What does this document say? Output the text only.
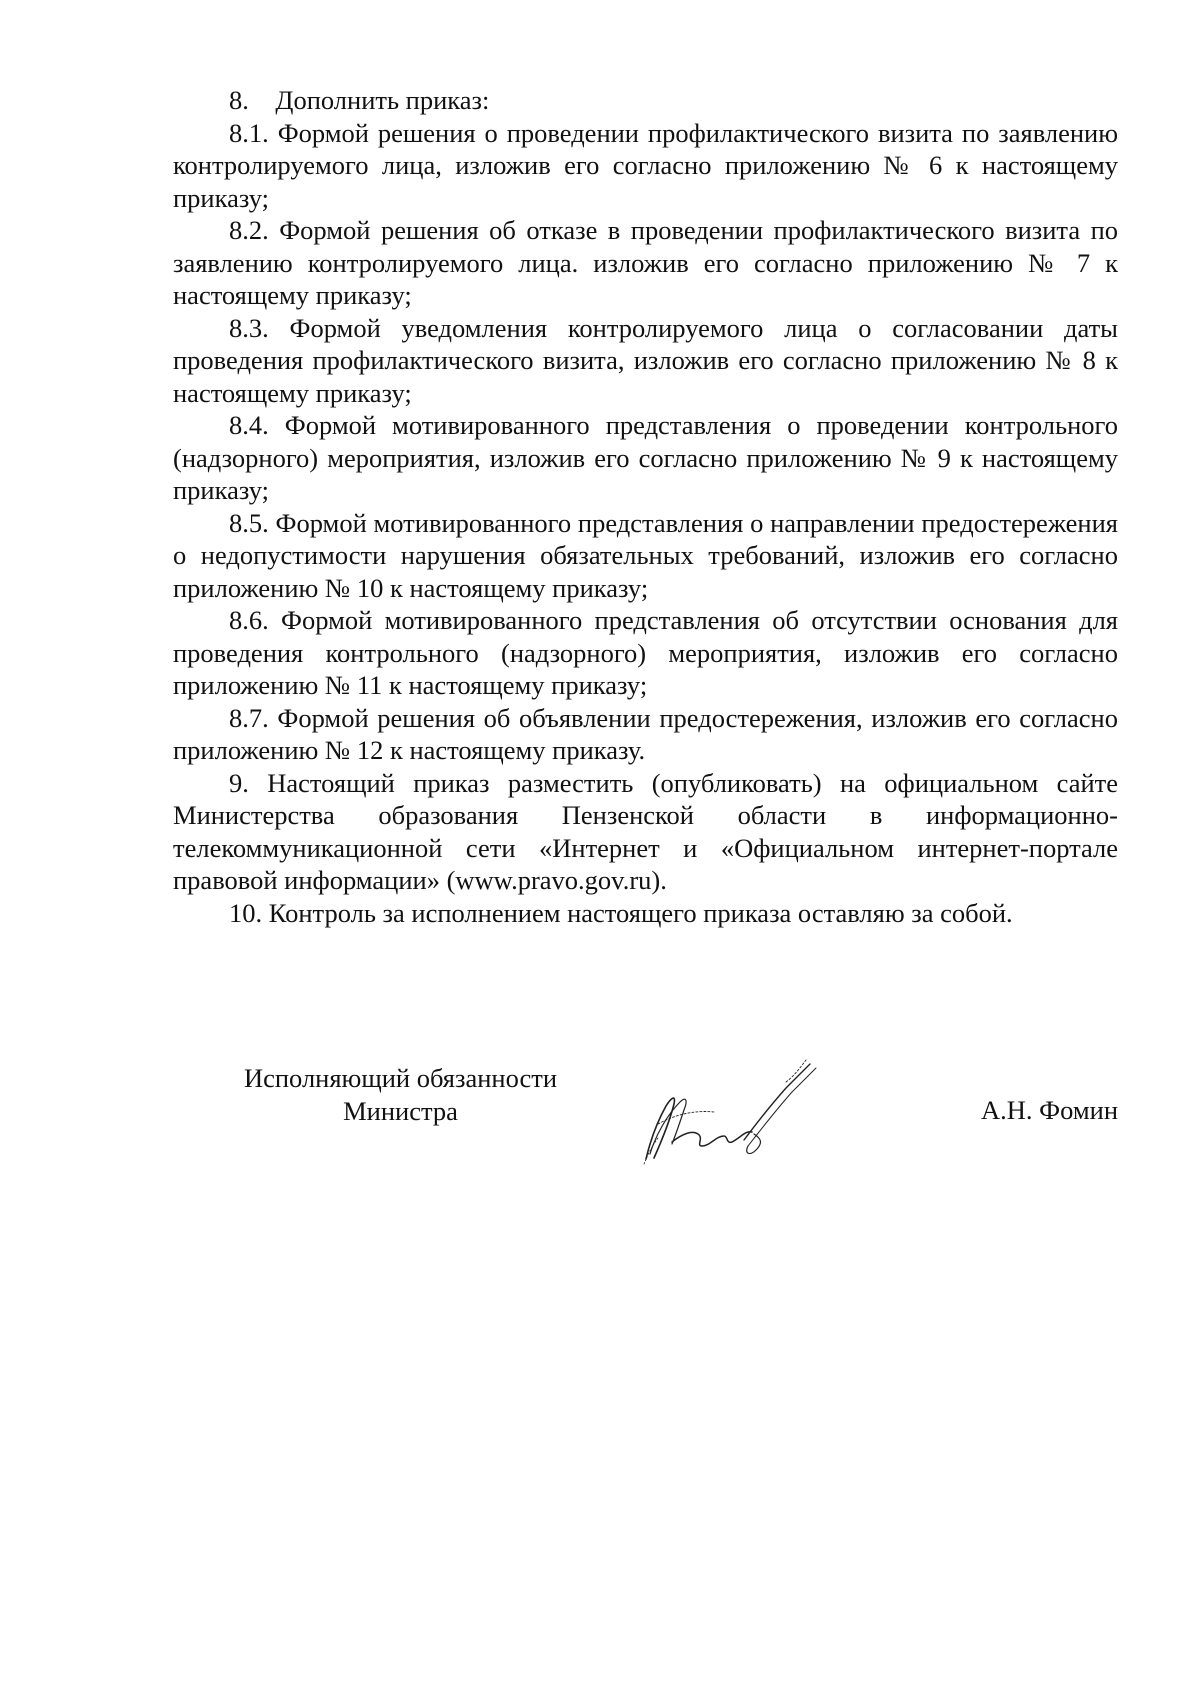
8.    Дополнить приказ:

8.1. Формой решения о проведении профилактического визита по заявлению контролируемого лица, изложив его согласно приложению № 6 к настоящему приказу;

8.2. Формой решения об отказе в проведении профилактического визита по заявлению контролируемого лица. изложив его согласно приложению № 7 к настоящему приказу;

8.3. Формой уведомления контролируемого лица о согласовании даты проведения профилактического визита, изложив его согласно приложению № 8 к настоящему приказу;

8.4. Формой мотивированного представления о проведении контрольного (надзорного) мероприятия, изложив его согласно приложению № 9 к настоящему приказу;

8.5. Формой мотивированного представления о направлении предостережения о недопустимости нарушения обязательных требований, изложив его согласно приложению № 10 к настоящему приказу;

8.6. Формой мотивированного представления об отсутствии основания для проведения контрольного (надзорного) мероприятия, изложив его согласно приложению № 11 к настоящему приказу;

8.7. Формой решения об объявлении предостережения, изложив его согласно приложению № 12 к настоящему приказу.

9. Настоящий приказ разместить (опубликовать) на официальном сайте Министерства образования Пензенской области в информационно-телекоммуникационной сети «Интернет и «Официальном интернет-портале правовой информации» (www.pravo.gov.ru).

10. Контроль за исполнением настоящего приказа оставляю за собой.

Исполняющий обязанности
Министра	А.Н. Фомин
